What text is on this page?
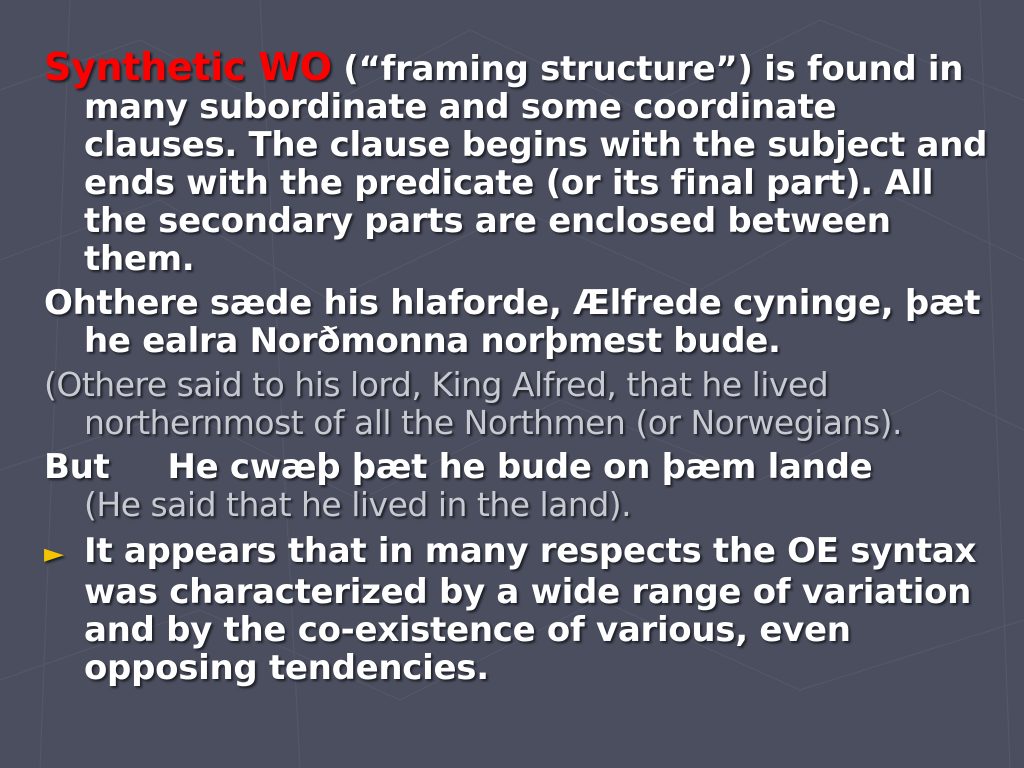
Synthetic WO (“framing structure”) is found in many subordinate and some coordinate clauses. The clause begins with the subject and ends with the predicate (or its final part). All the secondary parts are enclosed between them.

Ohthere sæde his hlaforde, Ælfrede cyninge, þæt he ealra Norðmonna norþmest bude.

(Othere said to his lord, King Alfred, that he lived northernmost of all the Northmen (or Norwegians).

But He cwæþ þæt he bude on þæm lande
(He said that he lived in the land).

► It appears that in many respects the OE syntax was characterized by a wide range of variation and by the co-existence of various, even opposing tendencies.
